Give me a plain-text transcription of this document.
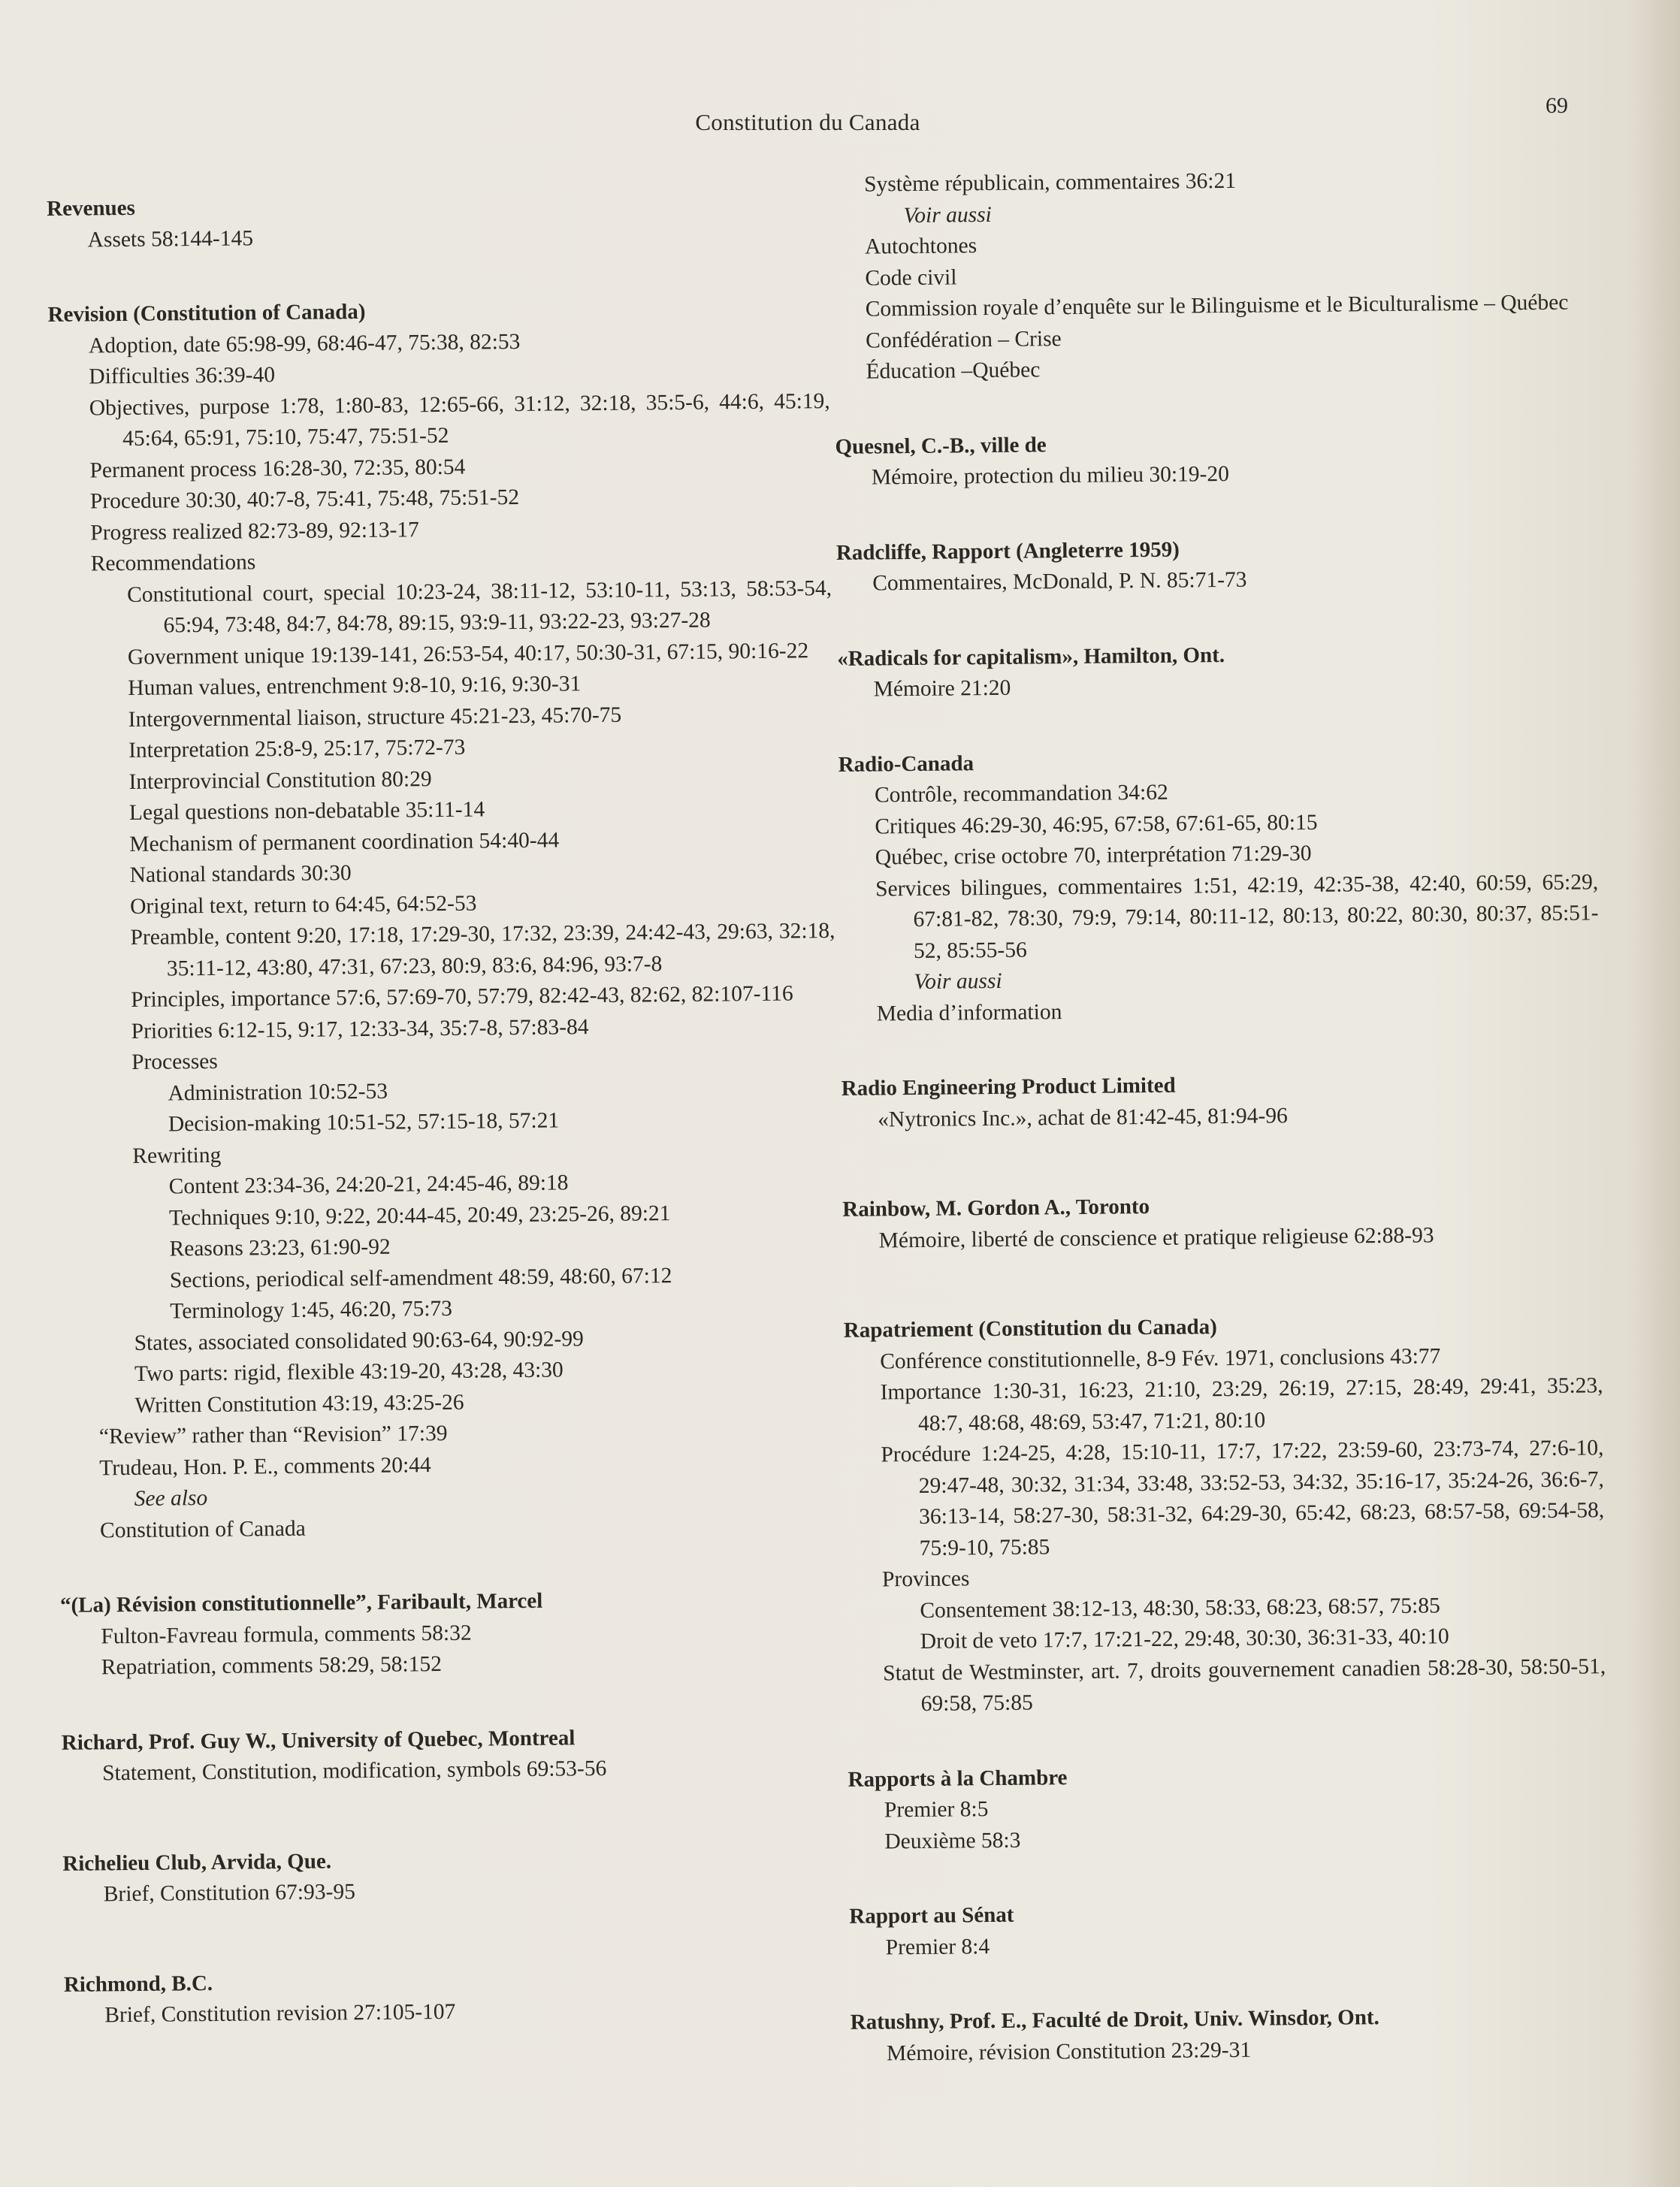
Constitution du Canada
69
Revenues
Assets 58:144-145
Revision (Constitution of Canada)
Adoption, date 65:98-99, 68:46-47, 75:38, 82:53
Difficulties 36:39-40
Objectives, purpose 1:78, 1:80-83, 12:65-66, 31:12, 32:18, 35:5-6, 44:6, 45:19, 45:64, 65:91, 75:10, 75:47, 75:51-52
Permanent process 16:28-30, 72:35, 80:54
Procedure 30:30, 40:7-8, 75:41, 75:48, 75:51-52
Progress realized 82:73-89, 92:13-17
Recommendations
Constitutional court, special 10:23-24, 38:11-12, 53:10-11, 53:13, 58:53-54, 65:94, 73:48, 84:7, 84:78, 89:15, 93:9-11, 93:22-23, 93:27-28
Government unique 19:139-141, 26:53-54, 40:17, 50:30-31, 67:15, 90:16-22
Human values, entrenchment 9:8-10, 9:16, 9:30-31
Intergovernmental liaison, structure 45:21-23, 45:70-75
Interpretation 25:8-9, 25:17, 75:72-73
Interprovincial Constitution 80:29
Legal questions non-debatable 35:11-14
Mechanism of permanent coordination 54:40-44
National standards 30:30
Original text, return to 64:45, 64:52-53
Preamble, content 9:20, 17:18, 17:29-30, 17:32, 23:39, 24:42-43, 29:63, 32:18, 35:11-12, 43:80, 47:31, 67:23, 80:9, 83:6, 84:96, 93:7-8
Principles, importance 57:6, 57:69-70, 57:79, 82:42-43, 82:62, 82:107-116
Priorities 6:12-15, 9:17, 12:33-34, 35:7-8, 57:83-84
Processes
Administration 10:52-53
Decision-making 10:51-52, 57:15-18, 57:21
Rewriting
Content 23:34-36, 24:20-21, 24:45-46, 89:18
Techniques 9:10, 9:22, 20:44-45, 20:49, 23:25-26, 89:21
Reasons 23:23, 61:90-92
Sections, periodical self-amendment 48:59, 48:60, 67:12
Terminology 1:45, 46:20, 75:73
States, associated consolidated 90:63-64, 90:92-99
Two parts: rigid, flexible 43:19-20, 43:28, 43:30
Written Constitution 43:19, 43:25-26
“Review” rather than “Revision” 17:39
Trudeau, Hon. P. E., comments 20:44
See also
Constitution of Canada
“(La) Révision constitutionnelle”, Faribault, Marcel
Fulton-Favreau formula, comments 58:32
Repatriation, comments 58:29, 58:152
Richard, Prof. Guy W., University of Quebec, Montreal
Statement, Constitution, modification, symbols 69:53-56
Richelieu Club, Arvida, Que.
Brief, Constitution 67:93-95
Richmond, B.C.
Brief, Constitution revision 27:105-107
Système républicain, commentaires 36:21
Voir aussi
Autochtones
Code civil
Commission royale d’enquête sur le Bilinguisme et le Biculturalisme – Québec
Confédération – Crise
Éducation –Québec
Quesnel, C.-B., ville de
Mémoire, protection du milieu 30:19-20
Radcliffe, Rapport (Angleterre 1959)
Commentaires, McDonald, P. N. 85:71-73
«Radicals for capitalism», Hamilton, Ont.
Mémoire 21:20
Radio-Canada
Contrôle, recommandation 34:62
Critiques 46:29-30, 46:95, 67:58, 67:61-65, 80:15
Québec, crise octobre 70, interprétation 71:29-30
Services bilingues, commentaires 1:51, 42:19, 42:35-38, 42:40, 60:59, 65:29, 67:81-82, 78:30, 79:9, 79:14, 80:11-12, 80:13, 80:22, 80:30, 80:37, 85:51-52, 85:55-56
Voir aussi
Media d’information
Radio Engineering Product Limited
«Nytronics Inc.», achat de 81:42-45, 81:94-96
Rainbow, M. Gordon A., Toronto
Mémoire, liberté de conscience et pratique religieuse 62:88-93
Rapatriement (Constitution du Canada)
Conférence constitutionnelle, 8-9 Fév. 1971, conclusions 43:77
Importance 1:30-31, 16:23, 21:10, 23:29, 26:19, 27:15, 28:49, 29:41, 35:23, 48:7, 48:68, 48:69, 53:47, 71:21, 80:10
Procédure 1:24-25, 4:28, 15:10-11, 17:7, 17:22, 23:59-60, 23:73-74, 27:6-10, 29:47-48, 30:32, 31:34, 33:48, 33:52-53, 34:32, 35:16-17, 35:24-26, 36:6-7, 36:13-14, 58:27-30, 58:31-32, 64:29-30, 65:42, 68:23, 68:57-58, 69:54-58, 75:9-10, 75:85
Provinces
Consentement 38:12-13, 48:30, 58:33, 68:23, 68:57, 75:85
Droit de veto 17:7, 17:21-22, 29:48, 30:30, 36:31-33, 40:10
Statut de Westminster, art. 7, droits gouvernement canadien 58:28-30, 58:50-51, 69:58, 75:85
Rapports à la Chambre
Premier 8:5
Deuxième 58:3
Rapport au Sénat
Premier 8:4
Ratushny, Prof. E., Faculté de Droit, Univ. Winsdor, Ont.
Mémoire, révision Constitution 23:29-31
